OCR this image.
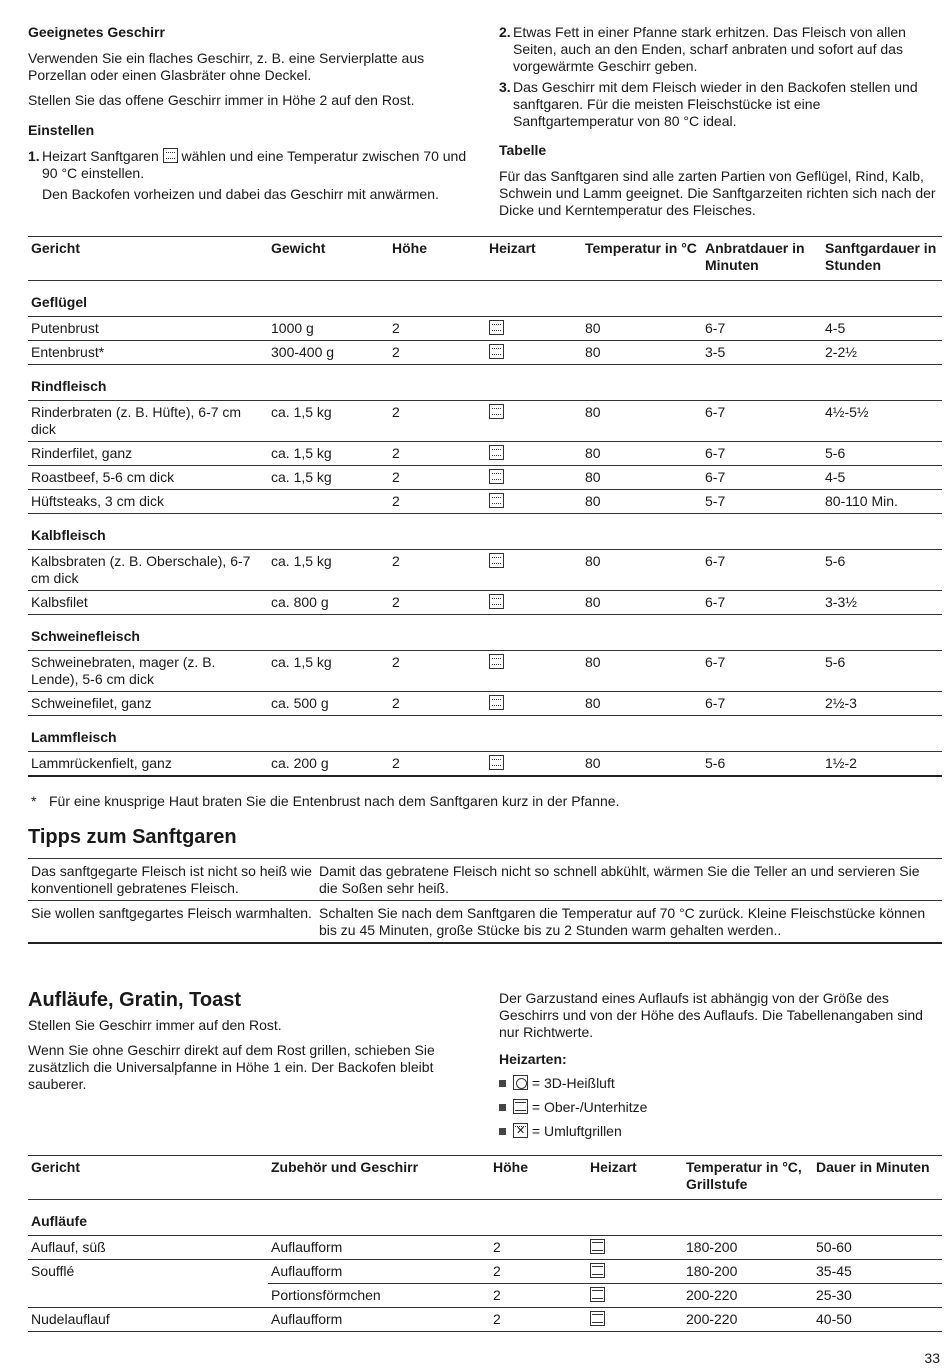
Geeignetes Geschirr
Verwenden Sie ein flaches Geschirr, z. B. eine Servierplatte aus Porzellan oder einen Glasbräter ohne Deckel.
Stellen Sie das offene Geschirr immer in Höhe 2 auf den Rost.
Einstellen
1. Heizart Sanftgaren wählen und eine Temperatur zwischen 70 und 90 °C einstellen.
Den Backofen vorheizen und dabei das Geschirr mit anwärmen.
2. Etwas Fett in einer Pfanne stark erhitzen. Das Fleisch von allen Seiten, auch an den Enden, scharf anbraten und sofort auf das vorgewärmte Geschirr geben.
3. Das Geschirr mit dem Fleisch wieder in den Backofen stellen und sanftgaren. Für die meisten Fleischstücke ist eine Sanftgartemperatur von 80 °C ideal.
Tabelle
Für das Sanftgaren sind alle zarten Partien von Geflügel, Rind, Kalb, Schwein und Lamm geeignet. Die Sanftgarzeiten richten sich nach der Dicke und Kerntemperatur des Fleisches.
Gericht	Gewicht	Höhe	Heizart	Temperatur in °C	Anbratdauer in Minuten	Sanftgardauer in Stunden
Geflügel						
Putenbrust	1000 g	2		80	6-7	4-5
Entenbrust*	300-400 g	2		80	3-5	2-2½
Rindfleisch						
Rinderbraten (z. B. Hüfte), 6-7 cm dick	ca. 1,5 kg	2		80	6-7	4½-5½
Rinderfilet, ganz	ca. 1,5 kg	2		80	6-7	5-6
Roastbeef, 5-6 cm dick	ca. 1,5 kg	2		80	6-7	4-5
Hüftsteaks, 3 cm dick		2		80	5-7	80-110 Min.
Kalbfleisch						
Kalbsbraten (z. B. Oberschale), 6-7 cm dick	ca. 1,5 kg	2		80	6-7	5-6
Kalbsfilet	ca. 800 g	2		80	6-7	3-3½
Schweinefleisch						
Schweinebraten, mager (z. B. Lende), 5-6 cm dick	ca. 1,5 kg	2		80	6-7	5-6
Schweinefilet, ganz	ca. 500 g	2		80	6-7	2½-3
Lammfleisch						
Lammrückenfielt, ganz	ca. 200 g	2		80	5-6	1½-2
* Für eine knusprige Haut braten Sie die Entenbrust nach dem Sanftgaren kurz in der Pfanne.
Tipps zum Sanftgaren
Das sanftgegarte Fleisch ist nicht so heiß wie konventionell gebratenes Fleisch.	Damit das gebratene Fleisch nicht so schnell abkühlt, wärmen Sie die Teller an und servieren Sie die Soßen sehr heiß.
Sie wollen sanftgegartes Fleisch warmhalten.	Schalten Sie nach dem Sanftgaren die Temperatur auf 70 °C zurück. Kleine Fleischstücke können bis zu 45 Minuten, große Stücke bis zu 2 Stunden warm gehalten werden..
Aufläufe, Gratin, Toast
Stellen Sie Geschirr immer auf den Rost.
Wenn Sie ohne Geschirr direkt auf dem Rost grillen, schieben Sie zusätzlich die Universalpfanne in Höhe 1 ein. Der Backofen bleibt sauberer.
Der Garzustand eines Auflaufs ist abhängig von der Größe des Geschirrs und von der Höhe des Auflaufs. Die Tabellenangaben sind nur Richtwerte.
Heizarten:
= 3D-Heißluft
= Ober-/Unterhitze
✕ = Umluftgrillen
Gericht	Zubehör und Geschirr	Höhe	Heizart	Temperatur in °C, Grillstufe	Dauer in Minuten
Aufläufe					
Auflauf, süß	Auflaufform	2		180-200	50-60
Soufflé	Auflaufform	2		180-200	35-45
	Portionsförmchen	2		200-220	25-30
Nudelauflauf	Auflaufform	2		200-220	40-50
33
